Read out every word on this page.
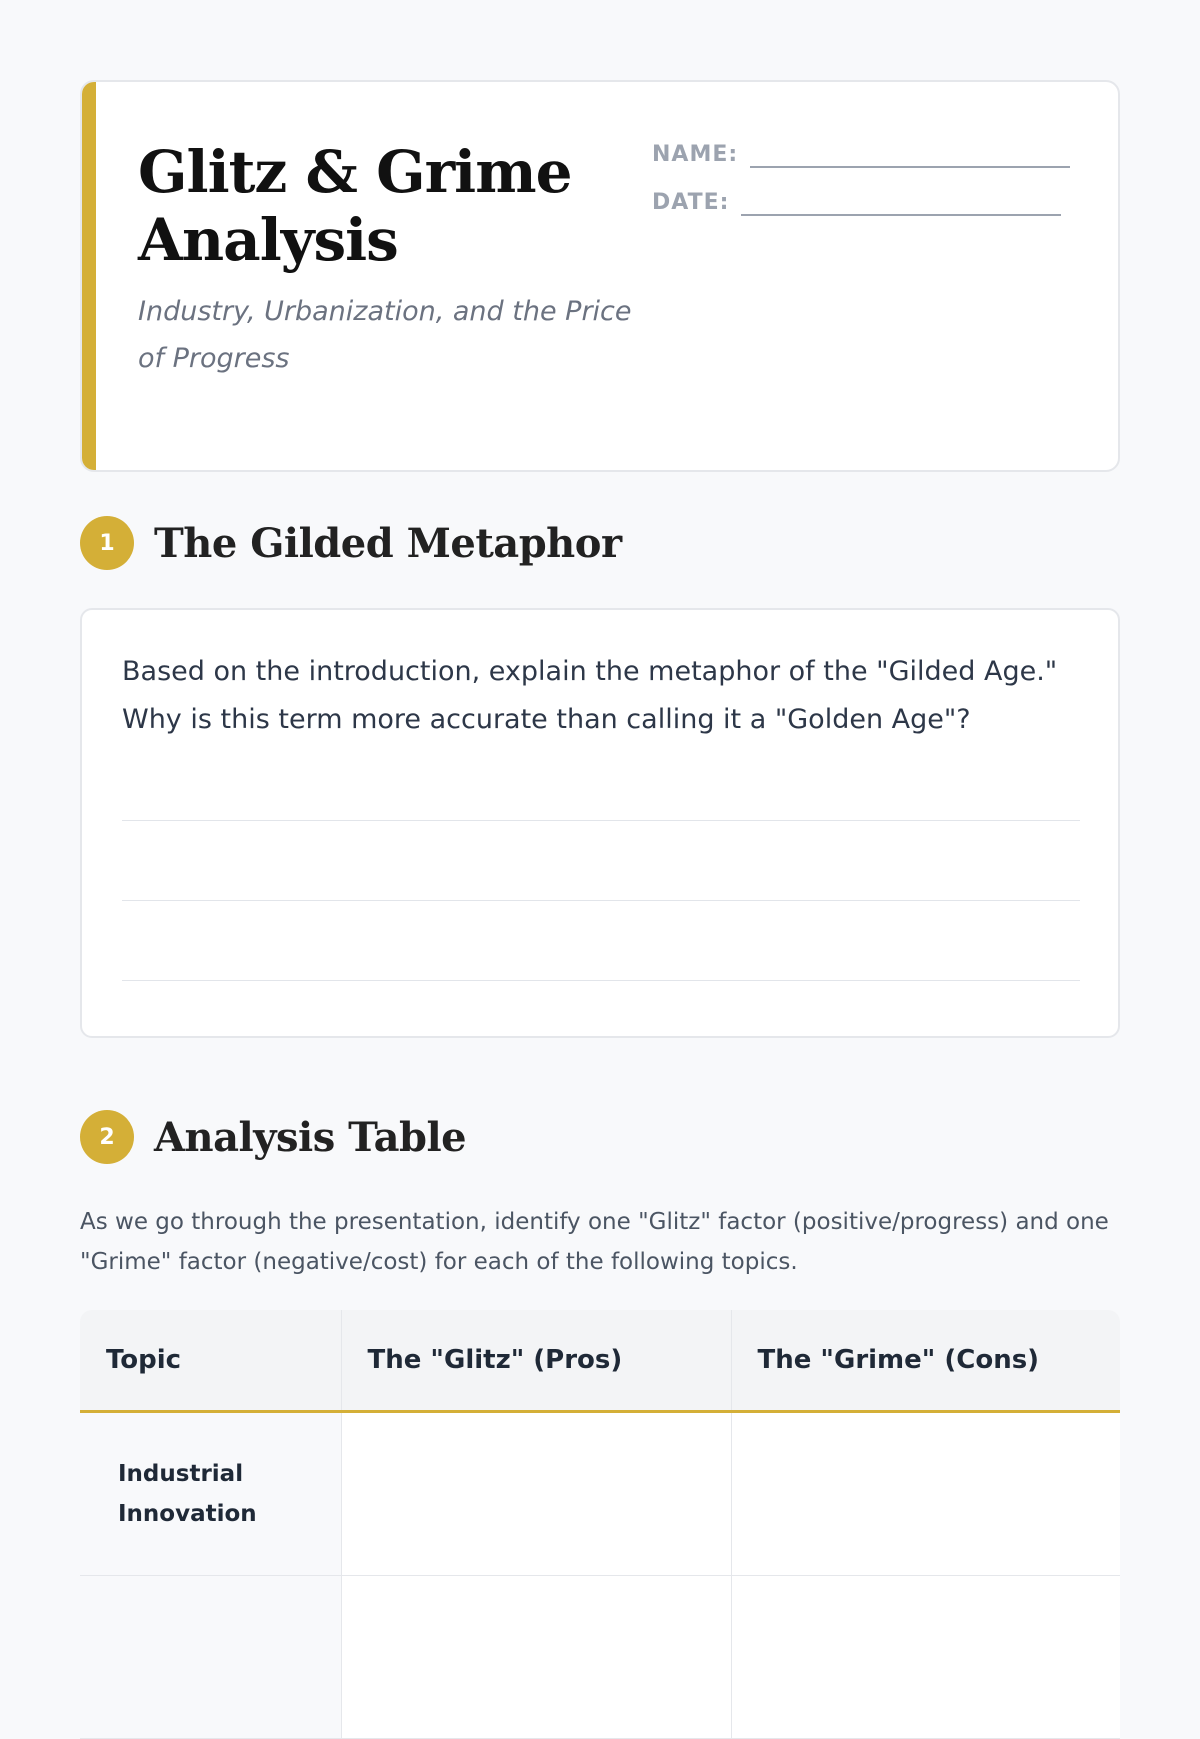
Glitz & Grime Analysis

Industry, Urbanization, and the Price of Progress

NAME:
DATE:
1 The Gilded Metaphor

Based on the introduction, explain the metaphor of the "Gilded Age." Why is this term more accurate than calling it a "Golden Age"?

2 Analysis Table

As we go through the presentation, identify one "Glitz" factor (positive/progress) and one "Grime" factor (negative/cost) for each of the following topics.

Topic	The "Glitz" (Pros)	The "Grime" (Cons)
Industrial Innovation		
